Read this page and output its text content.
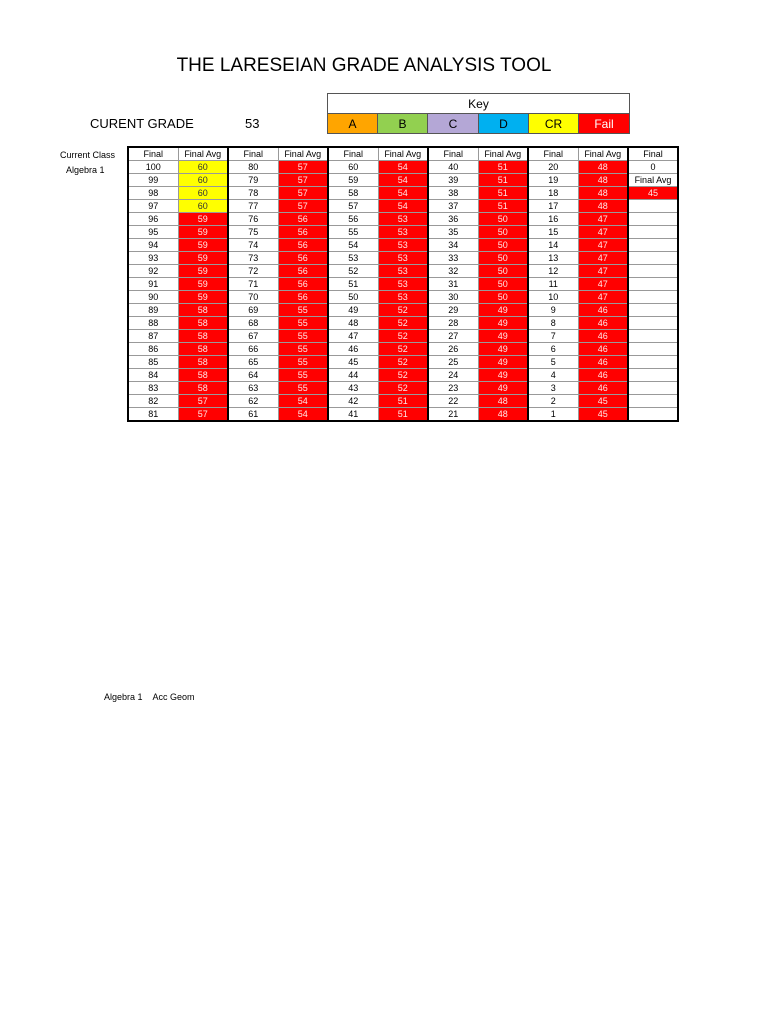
THE LARESEIAN GRADE ANALYSIS TOOL
CURENT GRADE	53
Key
A	B	C	D	CR	Fail
Current Class
Algebra 1
Final	Final Avg	Final	Final Avg	Final	Final Avg	Final	Final Avg	Final	Final Avg	Final
100	60	80	57	60	54	40	51	20	48	0
99	60	79	57	59	54	39	51	19	48	Final Avg
98	60	78	57	58	54	38	51	18	48	45
97	60	77	57	57	54	37	51	17	48	
96	59	76	56	56	53	36	50	16	47	
95	59	75	56	55	53	35	50	15	47	
94	59	74	56	54	53	34	50	14	47	
93	59	73	56	53	53	33	50	13	47	
92	59	72	56	52	53	32	50	12	47	
91	59	71	56	51	53	31	50	11	47	
90	59	70	56	50	53	30	50	10	47	
89	58	69	55	49	52	29	49	9	46	
88	58	68	55	48	52	28	49	8	46	
87	58	67	55	47	52	27	49	7	46	
86	58	66	55	46	52	26	49	6	46	
85	58	65	55	45	52	25	49	5	46	
84	58	64	55	44	52	24	49	4	46	
83	58	63	55	43	52	23	49	3	46	
82	57	62	54	42	51	22	48	2	45	
81	57	61	54	41	51	21	48	1	45	
Algebra 1 Acc Geom
